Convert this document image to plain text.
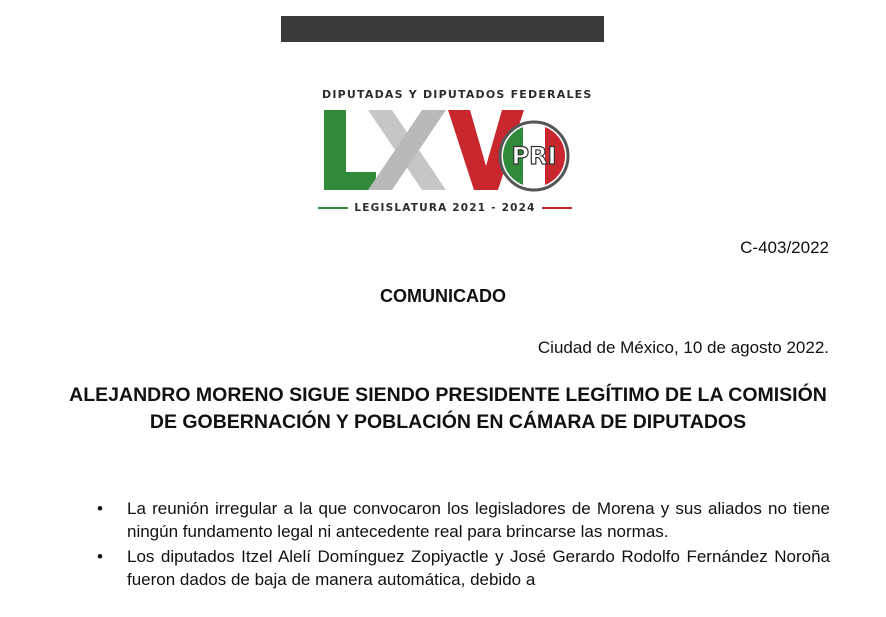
DIPUTADAS Y DIPUTADOS FEDERALES
PRI
LEGISLATURA 2021 - 2024
C-403/2022
COMUNICADO
Ciudad de México, 10 de agosto 2022.
ALEJANDRO MORENO SIGUE SIENDO PRESIDENTE LEGÍTIMO DE LA COMISIÓN DE GOBERNACIÓN Y POBLACIÓN EN CÁMARA DE DIPUTADOS
• La reunión irregular a la que convocaron los legisladores de Morena y sus aliados no tiene ningún fundamento legal ni antecedente real para brincarse las normas.
• Los diputados Itzel Alelí Domínguez Zopiyactle y José Gerardo Rodolfo Fernández Noroña fueron dados de baja de manera automática, debido a
